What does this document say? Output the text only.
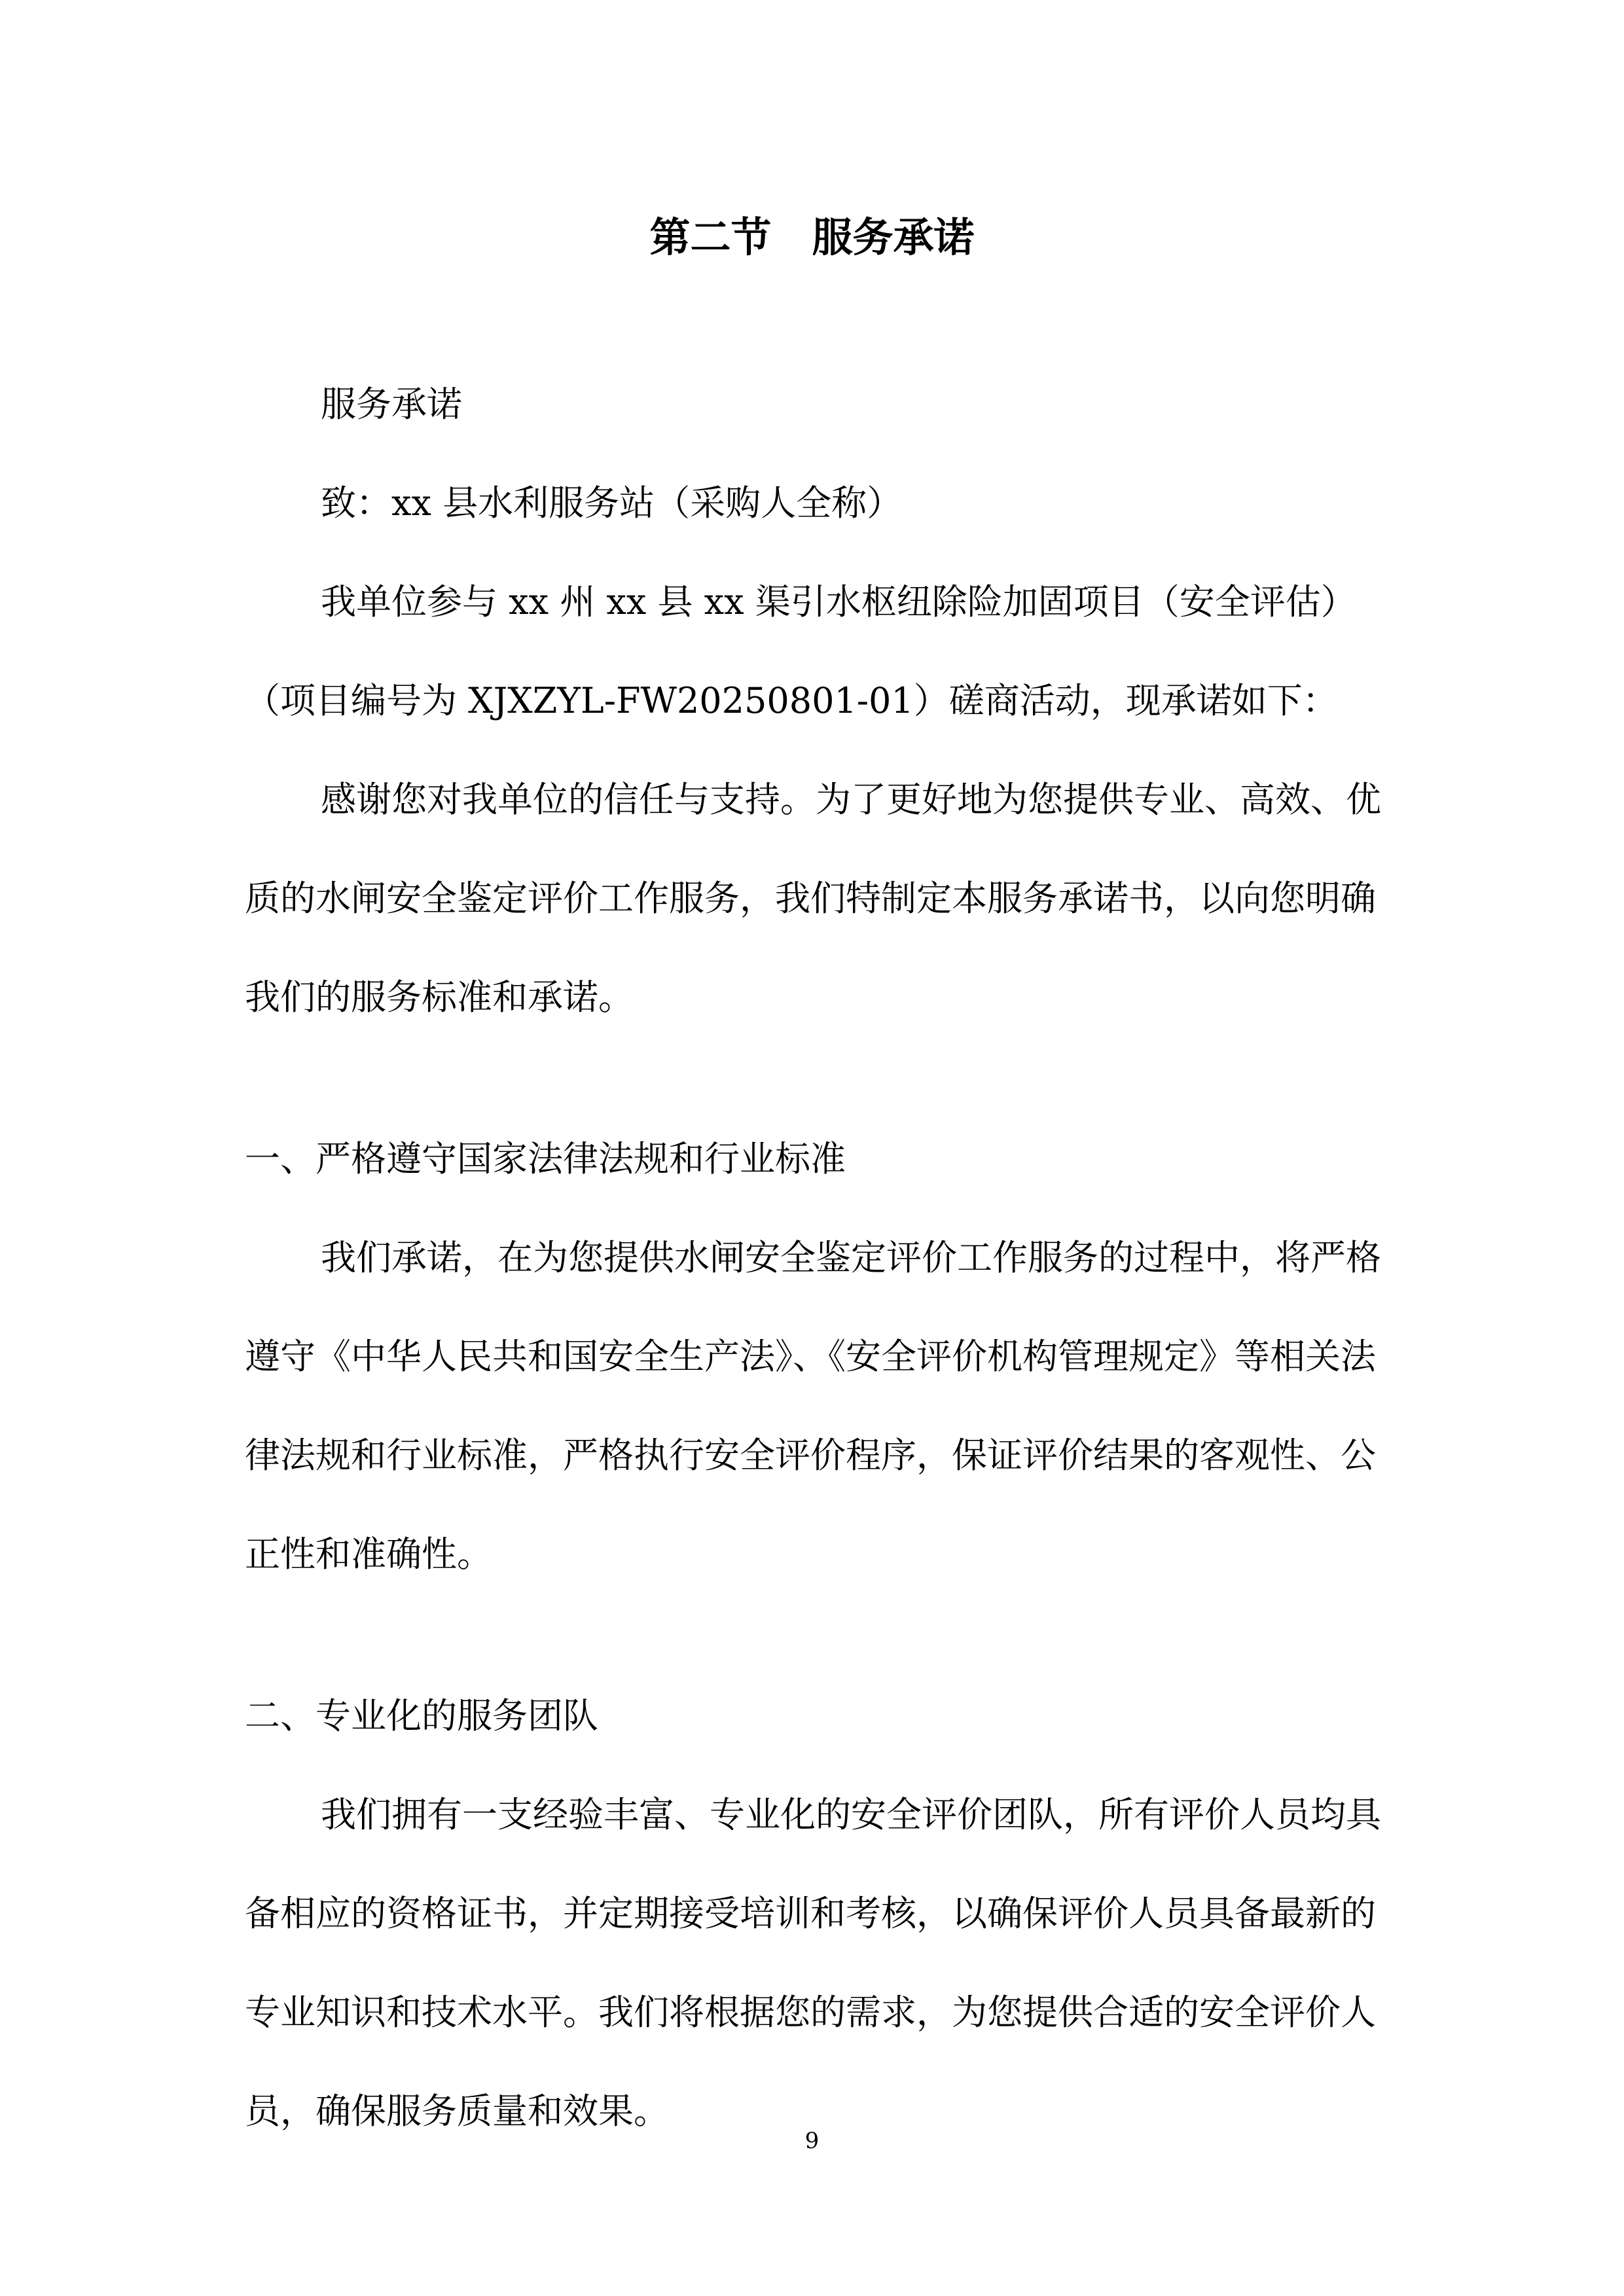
第二节　服务承诺

服务承诺

致：xx 县水利服务站（采购人全称）

我单位参与 xx 州 xx 县 xx 渠引水枢纽除险加固项目（安全评估）（项目编号为 XJXZYL-FW20250801-01）磋商活动，现承诺如下：

感谢您对我单位的信任与支持。为了更好地为您提供专业、高效、优质的水闸安全鉴定评价工作服务，我们特制定本服务承诺书，以向您明确我们的服务标准和承诺。

一、严格遵守国家法律法规和行业标准

我们承诺，在为您提供水闸安全鉴定评价工作服务的过程中，将严格遵守《中华人民共和国安全生产法》、《安全评价机构管理规定》等相关法律法规和行业标准，严格执行安全评价程序，保证评价结果的客观性、公正性和准确性。

二、专业化的服务团队

我们拥有一支经验丰富、专业化的安全评价团队，所有评价人员均具备相应的资格证书，并定期接受培训和考核，以确保评价人员具备最新的专业知识和技术水平。我们将根据您的需求，为您提供合适的安全评价人员，确保服务质量和效果。

9
